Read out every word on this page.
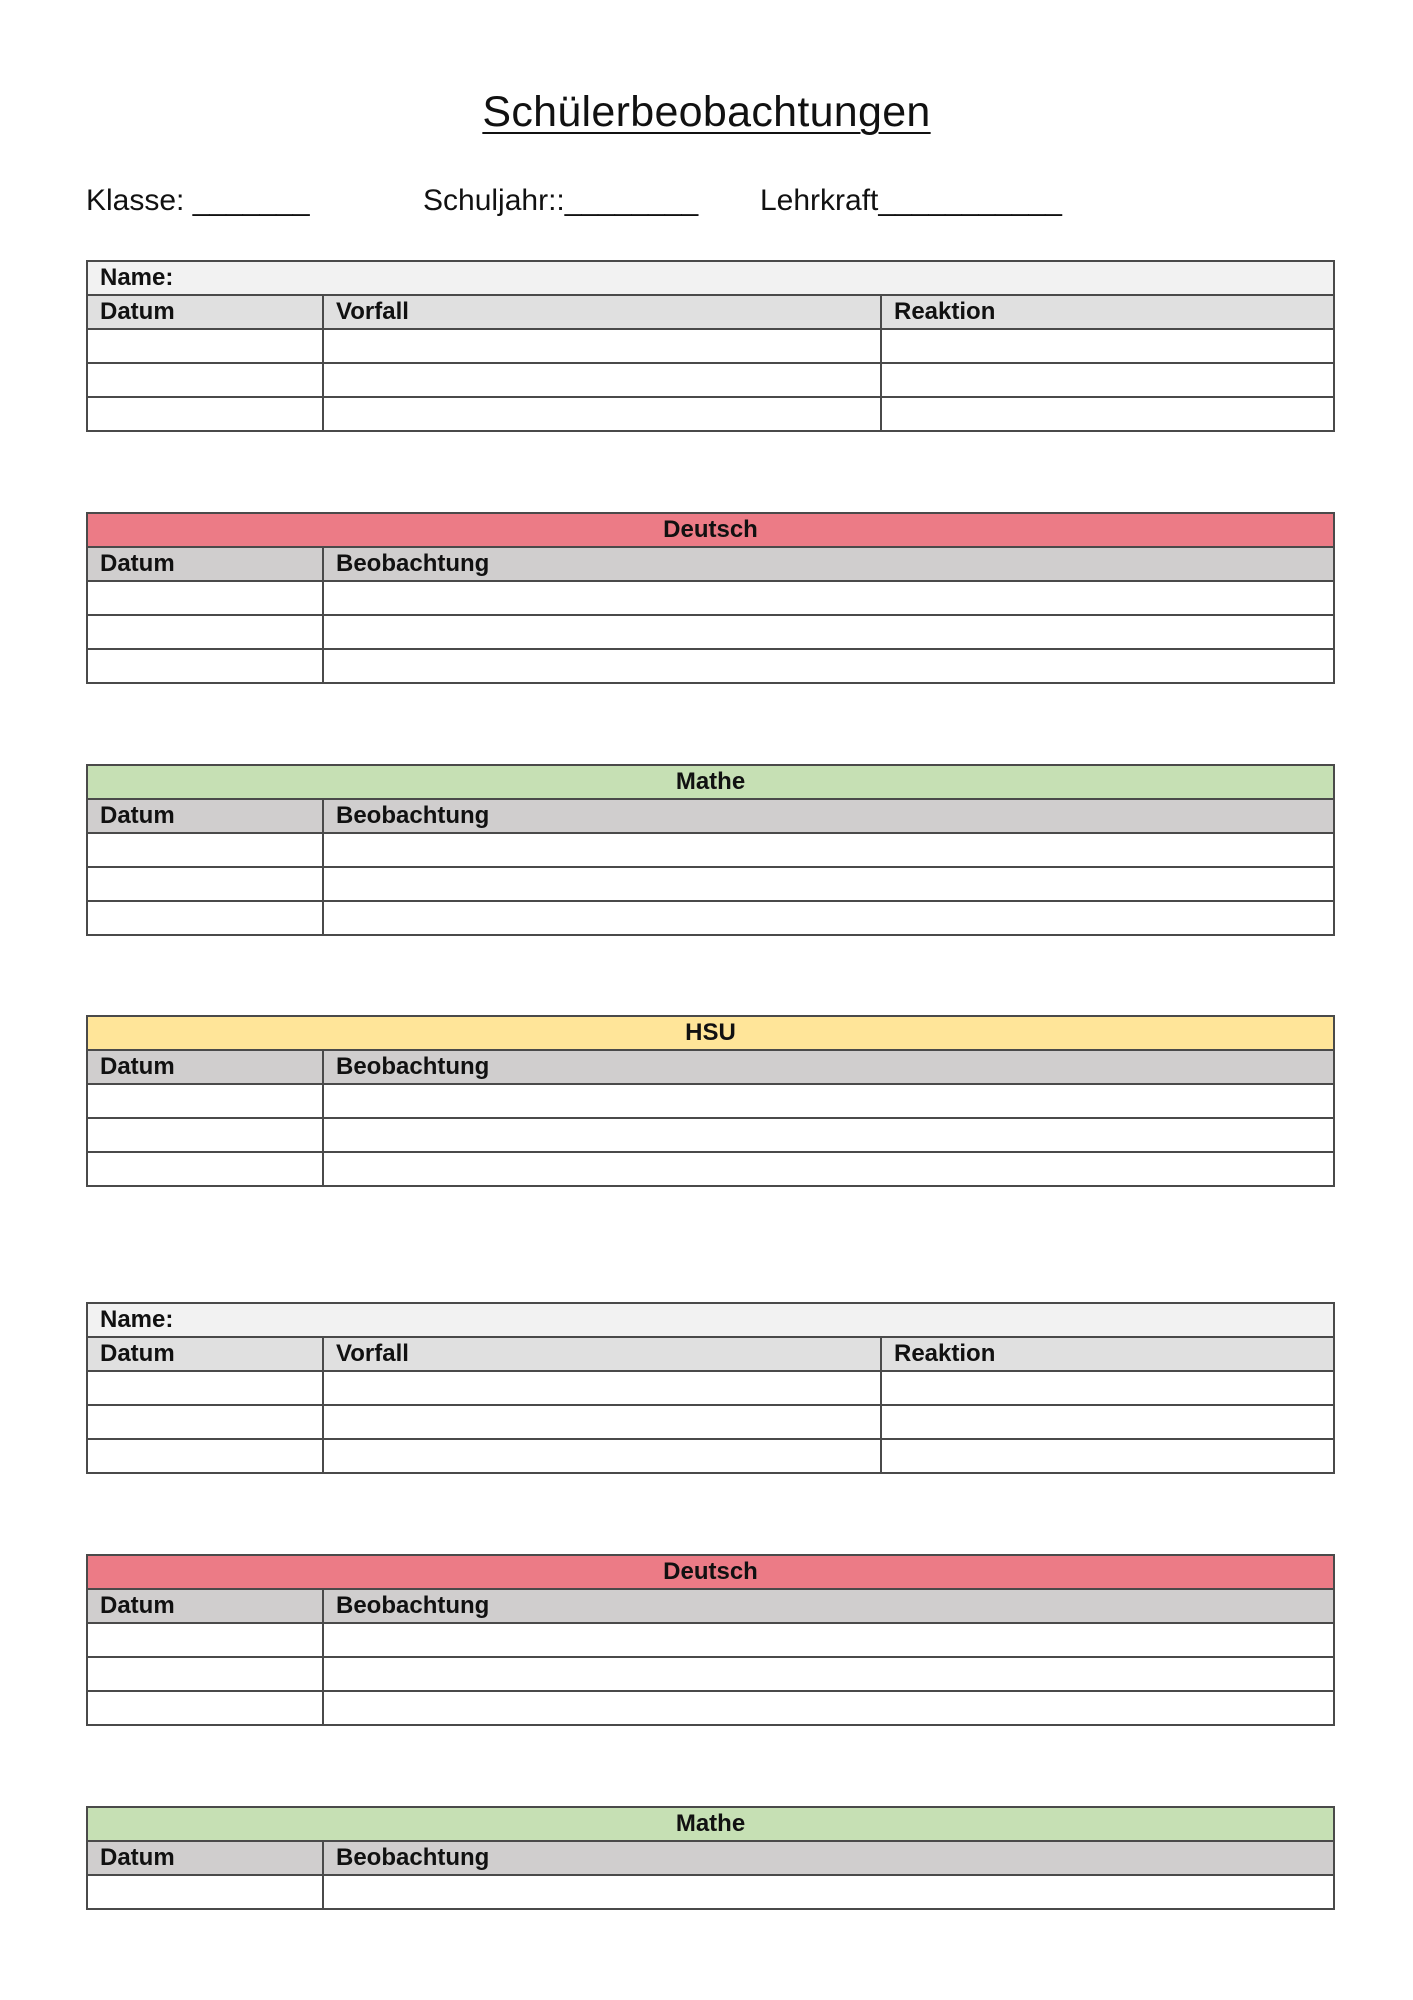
Schülerbeobachtungen
Klasse: _______	Schuljahr::________ Lehrkraft___________
Name:		
Datum	Vorfall	Reaktion

Deutsch	
Datum	Beobachtung

Mathe	
Datum	Beobachtung

HSU	
Datum	Beobachtung

Name:		
Datum	Vorfall	Reaktion

Deutsch	
Datum	Beobachtung

Mathe	
Datum	Beobachtung
